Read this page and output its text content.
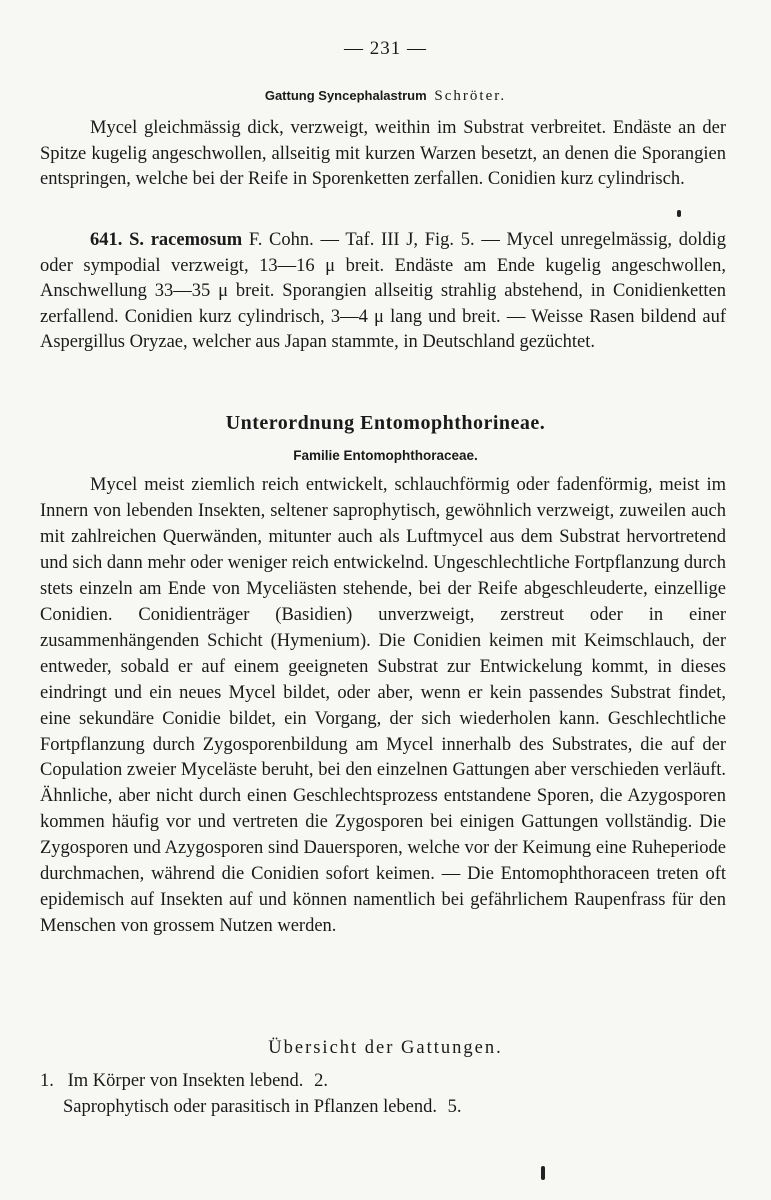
— 231 —
Gattung Syncephalastrum Schröter.

Mycel gleichmässig dick, verzweigt, weithin im Substrat verbreitet. Endäste an der Spitze kugelig angeschwollen, allseitig mit kurzen Warzen besetzt, an denen die Sporangien entspringen, welche bei der Reife in Sporenketten zerfallen. Conidien kurz cylindrisch.

641. S. racemosum F. Cohn. — Taf. III J, Fig. 5. — Mycel unregelmässig, doldig oder sympodial verzweigt, 13—16 μ breit. Endäste am Ende kugelig angeschwollen, Anschwellung 33—35 μ breit. Sporangien allseitig strahlig abstehend, in Conidienketten zerfallend. Conidien kurz cylindrisch, 3—4 μ lang und breit. — Weisse Rasen bildend auf Aspergillus Oryzae, welcher aus Japan stammte, in Deutschland gezüchtet.

Unterordnung Entomophthorineae.
Familie Entomophthoraceae.

Mycel meist ziemlich reich entwickelt, schlauchförmig oder fadenförmig, meist im Innern von lebenden Insekten, seltener saprophytisch, gewöhnlich verzweigt, zuweilen auch mit zahlreichen Querwänden, mitunter auch als Luftmycel aus dem Substrat hervortretend und sich dann mehr oder weniger reich entwickelnd. Ungeschlechtliche Fortpflanzung durch stets einzeln am Ende von Myceliästen stehende, bei der Reife abgeschleuderte, einzellige Conidien. Conidienträger (Basidien) unverzweigt, zerstreut oder in einer zusammenhängenden Schicht (Hymenium). Die Conidien keimen mit Keimschlauch, der entweder, sobald er auf einem geeigneten Substrat zur Entwickelung kommt, in dieses eindringt und ein neues Mycel bildet, oder aber, wenn er kein passendes Substrat findet, eine sekundäre Conidie bildet, ein Vorgang, der sich wiederholen kann. Geschlechtliche Fortpflanzung durch Zygosporenbildung am Mycel innerhalb des Substrates, die auf der Copulation zweier Myceläste beruht, bei den einzelnen Gattungen aber verschieden verläuft. Ähnliche, aber nicht durch einen Geschlechtsprozess entstandene Sporen, die Azygosporen kommen häufig vor und vertreten die Zygosporen bei einigen Gattungen vollständig. Die Zygosporen und Azygosporen sind Dauersporen, welche vor der Keimung eine Ruheperiode durchmachen, während die Conidien sofort keimen. — Die Entomophthoraceen treten oft epidemisch auf Insekten auf und können namentlich bei gefährlichem Raupenfrass für den Menschen von grossem Nutzen werden.

Übersicht der Gattungen.
1. Im Körper von Insekten lebend. 2.
Saprophytisch oder parasitisch in Pflanzen lebend. 5.
